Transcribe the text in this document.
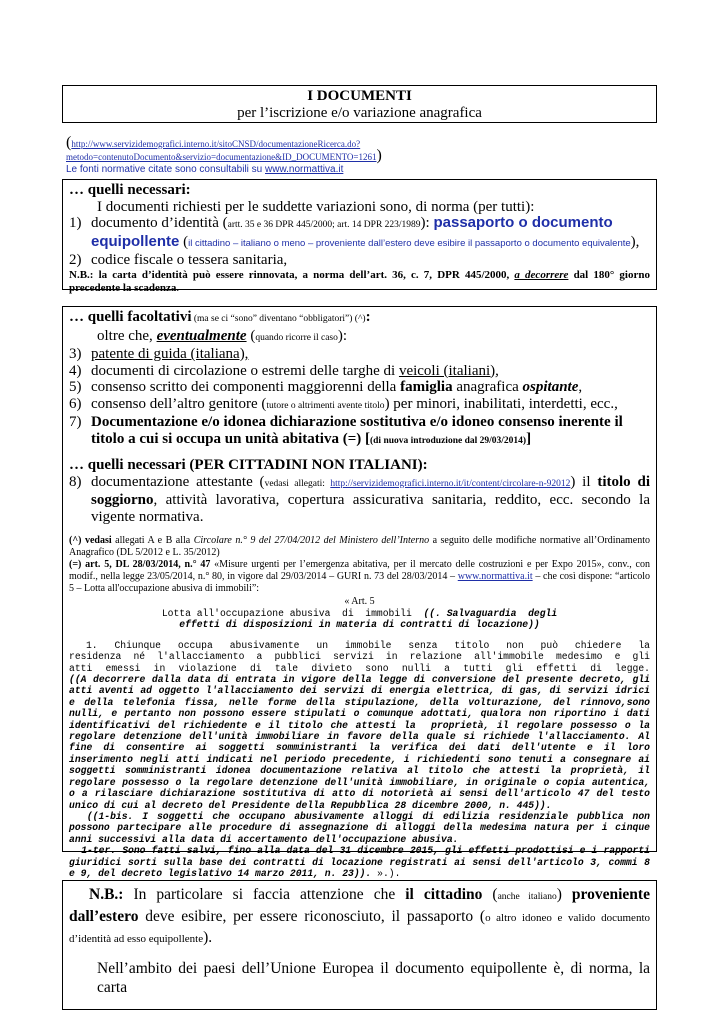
I DOCUMENTI
per l’iscrizione e/o variazione anagrafica
(http://www.servizidemografici.interno.it/sitoCNSD/documentazioneRicerca.do?metodo=contenutoDocumento&servizio=documentazione&ID_DOCUMENTO=1261)
Le fonti normative citate sono consultabili su www.normattiva.it
… quelli necessari:
I documenti richiesti per le suddette variazioni sono, di norma (per tutti):
1) documento d’identità (artt. 35 e 36 DPR 445/2000; art. 14 DPR 223/1989): passaporto o documento
equipollente (il cittadino – italiano o meno – proveniente dall’estero deve esibire il passaporto o documento equivalente),
2) codice fiscale o tessera sanitaria,
N.B.: la carta d’identità può essere rinnovata, a norma dell’art. 36, c. 7, DPR 445/2000, a decorrere dal 180° giorno precedente la scadenza.
… quelli facoltativi (ma se ci “sono” diventano “obbligatori”) (^):
oltre che, eventualmente (quando ricorre il caso):
3) patente di guida (italiana),
4) documenti di circolazione o estremi delle targhe di veicoli (italiani),
5) consenso scritto dei componenti maggiorenni della famiglia anagrafica ospitante,
6) consenso dell’altro genitore (tutore o altrimenti avente titolo) per minori, inabilitati, interdetti, ecc.,
7) Documentazione e/o idonea dichiarazione sostitutiva e/o idoneo consenso inerente il titolo a cui si occupa un unità abitativa (=) [(di nuova introduzione dal 29/03/2014)]
… quelli necessari (PER CITTADINI NON ITALIANI):
8) documentazione attestante (vedasi allegati: http://servizidemografici.interno.it/it/content/circolare-n-92012) il titolo di soggiorno, attività lavorativa, copertura assicurativa sanitaria, reddito, ecc. secondo la vigente normativa.
(^) vedasi allegati A e B alla Circolare n.° 9 del 27/04/2012 del Ministero dell’Interno a seguito delle modifiche normative all’Ordinamento Anagrafico (DL 5/2012 e L. 35/2012)
(=) art. 5, DL 28/03/2014, n.° 47 «Misure urgenti per l’emergenza abitativa, per il mercato delle costruzioni e per Expo 2015», conv., con modif., nella legge 23/05/2014, n.° 80, in vigore dal 29/03/2014 – GURI n. 73 del 28/03/2014 – www.normattiva.it – che così dispone: “articolo 5 – Lotta all'occupazione abusiva di immobili”:
« Art. 5
Lotta all'occupazione abusiva  di  immobili  ((. Salvaguardia  degli
effetti di disposizioni in materia di contratti di locazione))
1.  Chiunque  occupa  abusivamente  un  immobile  senza  titolo  non  può  chiedere  la  residenza  né  l'allacciamento  a  pubblici  servizi  in  relazione  all'immobile  medesimo  e  gli  atti  emessi  in  violazione  di  tale  divieto  sono  nulli  a  tutti  gli  effetti  di  legge.  ((A decorrere dalla data di entrata in vigore della legge di conversione del presente decreto, gli atti aventi ad oggetto l'allacciamento dei servizi di energia elettrica, di gas, di servizi idrici e della telefonia fissa, nelle forme della stipulazione, della volturazione, del rinnovo,sono nulli, e pertanto non possono essere stipulati o comunque adottati, qualora non riportino i dati identificativi del richiedente e il titolo che attesti la  proprietà, il regolare possesso o la regolare detenzione dell'unità immobiliare in favore della quale si richiede l'allacciamento. Al fine di consentire ai soggetti somministranti la verifica dei dati dell'utente e il loro inserimento negli atti indicati nel periodo precedente, i richiedenti sono tenuti a consegnare ai soggetti somministranti idonea documentazione relativa al titolo che attesti la proprietà, il regolare possesso o la regolare detenzione dell'unità immobiliare, in originale o copia autentica, o a rilasciare dichiarazione sostitutiva di atto di notorietà ai sensi dell'articolo 47 del testo unico di cui al decreto del Presidente della Repubblica 28 dicembre 2000, n. 445)).
((1-bis. I soggetti che occupano abusivamente alloggi di edilizia residenziale pubblica non possono partecipare alle procedure di assegnazione di alloggi della medesima natura per i cinque anni successivi alla data di accertamento dell'occupazione abusiva.
1-ter. Sono fatti salvi, fino alla data del 31 dicembre 2015, gli effetti prodottisi e i rapporti giuridici sorti sulla base dei contratti di locazione registrati ai sensi dell'articolo 3, commi 8 e 9, del decreto legislativo 14 marzo 2011, n. 23)). ».).
N.B.: In particolare si faccia attenzione che il cittadino (anche italiano) proveniente dall’estero deve esibire, per essere riconosciuto, il passaporto (o altro idoneo e valido documento d’identità ad esso equipollente).
Nell’ambito dei paesi dell’Unione Europea il documento equipollente è, di norma, la carta
